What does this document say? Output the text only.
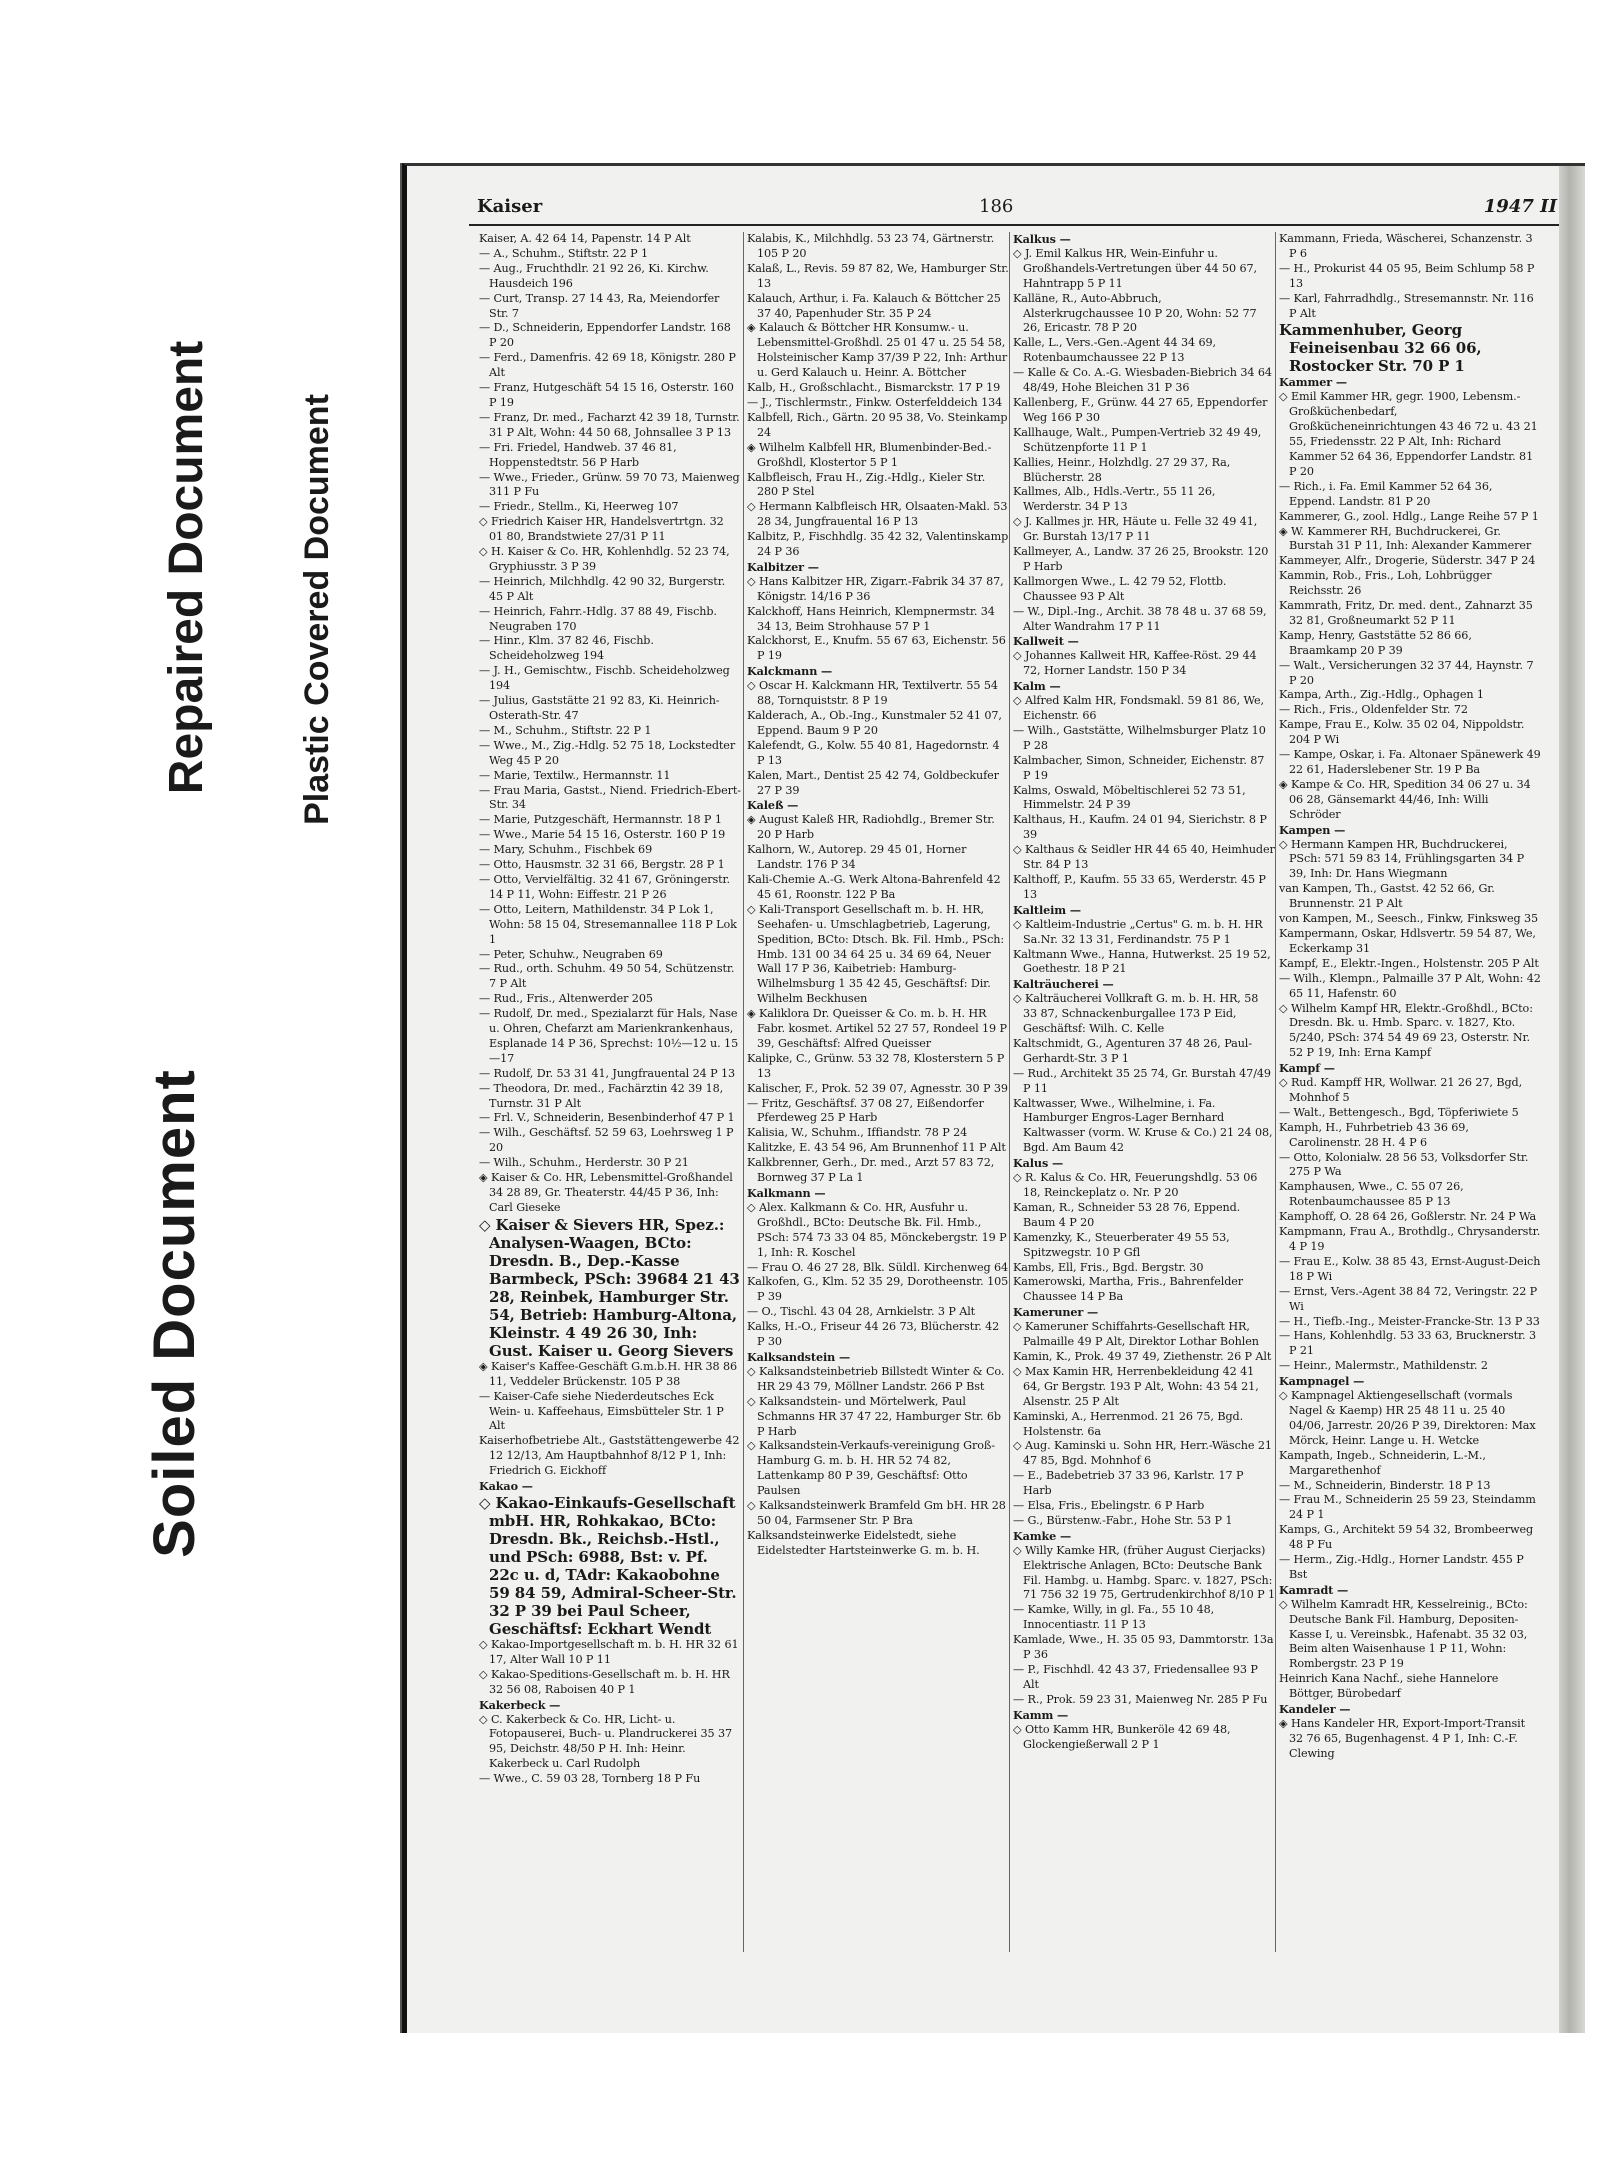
Repaired Document Plastic Covered Document
Soiled Document
Kaiser	186	1947 II

Kaiser, A. 42 64 14, Papenstr. 14 P Alt

— A., Schuhm., Stiftstr. 22 P 1

— Aug., Fruchthdlr. 21 92 26, Ki. Kirchw. Hausdeich 196

— Curt, Transp. 27 14 43, Ra, Meiendorfer Str. 7

— D., Schneiderin, Eppendorfer Landstr. 168 P 20

— Ferd., Damenfris. 42 69 18, Königstr. 280 P Alt

— Franz, Hutgeschäft 54 15 16, Osterstr. 160 P 19

— Franz, Dr. med., Facharzt 42 39 18, Turnstr. 31 P Alt, Wohn: 44 50 68, Johnsallee 3 P 13

— Fri. Friedel, Handweb. 37 46 81, Hoppenstedtstr. 56 P Harb

— Wwe., Frieder., Grünw. 59 70 73, Maienweg 311 P Fu

— Friedr., Stellm., Ki, Heerweg 107

◇ Friedrich Kaiser HR, Handelsvertrtgn. 32 01 80, Brandstwiete 27/31 P 11

◇ H. Kaiser & Co. HR, Kohlenhdlg. 52 23 74, Gryphiusstr. 3 P 39

— Heinrich, Milchhdlg. 42 90 32, Burgerstr. 45 P Alt

— Heinrich, Fahrr.-Hdlg. 37 88 49, Fischb. Neugraben 170

— Hinr., Klm. 37 82 46, Fischb. Scheideholzweg 194

— J. H., Gemischtw., Fischb. Scheideholzweg 194

— Julius, Gaststätte 21 92 83, Ki. Heinrich-Osterath-Str. 47

— M., Schuhm., Stiftstr. 22 P 1

— Wwe., M., Zig.-Hdlg. 52 75 18, Lockstedter Weg 45 P 20

— Marie, Textilw., Hermannstr. 11

— Frau Maria, Gastst., Niend. Friedrich-Ebert-Str. 34

— Marie, Putzgeschäft, Hermannstr. 18 P 1

— Wwe., Marie 54 15 16, Osterstr. 160 P 19

— Mary, Schuhm., Fischbek 69

— Otto, Hausmstr. 32 31 66, Bergstr. 28 P 1

— Otto, Vervielfältig. 32 41 67, Gröningerstr. 14 P 11, Wohn: Eiffestr. 21 P 26

— Otto, Leitern, Mathildenstr. 34 P Lok 1, Wohn: 58 15 04, Stresemannallee 118 P Lok 1

— Peter, Schuhw., Neugraben 69

— Rud., orth. Schuhm. 49 50 54, Schützenstr. 7 P Alt

— Rud., Fris., Altenwerder 205

— Rudolf, Dr. med., Spezialarzt für Hals, Nase u. Ohren, Chefarzt am Marienkrankenhaus, Esplanade 14 P 36, Sprechst: 10½—12 u. 15—17

— Rudolf, Dr. 53 31 41, Jungfrauental 24 P 13

— Theodora, Dr. med., Fachärztin 42 39 18, Turnstr. 31 P Alt

— Frl. V., Schneiderin, Besenbinderhof 47 P 1

— Wilh., Geschäftsf. 52 59 63, Loehrsweg 1 P 20

— Wilh., Schuhm., Herderstr. 30 P 21

◈ Kaiser & Co. HR, Lebensmittel-Großhandel 34 28 89, Gr. Theaterstr. 44/45 P 36, Inh: Carl Gieseke

◇ Kaiser & Sievers HR, Spez.: Analysen-Waagen, BCto: Dresdn. B., Dep.-Kasse Barmbeck, PSch: 39684 21 43 28, Reinbek, Hamburger Str. 54, Betrieb: Hamburg-Altona, Kleinstr. 4 49 26 30, Inh: Gust. Kaiser u. Georg Sievers

◈ Kaiser's Kaffee-Geschäft G.m.b.H. HR 38 86 11, Veddeler Brückenstr. 105 P 38

— Kaiser-Cafe siehe Niederdeutsches Eck Wein- u. Kaffeehaus, Eimsbütteler Str. 1 P Alt

Kaiserhofbetriebe Alt., Gaststättengewerbe 42 12 12/13, Am Hauptbahnhof 8/12 P 1, Inh: Friedrich G. Eickhoff

Kakao —

◇ Kakao-Einkaufs-Gesellschaft mbH. HR, Rohkakao, BCto: Dresdn. Bk., Reichsb.-Hstl., und PSch: 6988, Bst: v. Pf. 22c u. d, TAdr: Kakaobohne 59 84 59, Admiral-Scheer-Str. 32 P 39 bei Paul Scheer, Geschäftsf: Eckhart Wendt

◇ Kakao-Importgesellschaft m. b. H. HR 32 61 17, Alter Wall 10 P 11

◇ Kakao-Speditions-Gesellschaft m. b. H. HR 32 56 08, Raboisen 40 P 1

Kakerbeck —

◇ C. Kakerbeck & Co. HR, Licht- u. Fotopauserei, Buch- u. Plandruckerei 35 37 95, Deichstr. 48/50 P H. Inh: Heinr. Kakerbeck u. Carl Rudolph

— Wwe., C. 59 03 28, Tornberg 18 P Fu

Kalabis, K., Milchhdlg. 53 23 74, Gärtnerstr. 105 P 20

Kalaß, L., Revis. 59 87 82, We, Hamburger Str. 13

Kalauch, Arthur, i. Fa. Kalauch & Böttcher 25 37 40, Papenhuder Str. 35 P 24

◈ Kalauch & Böttcher HR Konsumw.- u. Lebensmittel-Großhdl. 25 01 47 u. 25 54 58, Holsteinischer Kamp 37/39 P 22, Inh: Arthur u. Gerd Kalauch u. Heinr. A. Böttcher

Kalb, H., Großschlacht., Bismarckstr. 17 P 19

— J., Tischlermstr., Finkw. Osterfelddeich 134

Kalbfell, Rich., Gärtn. 20 95 38, Vo. Steinkamp 24

◈ Wilhelm Kalbfell HR, Blumenbinder-Bed.-Großhdl, Klostertor 5 P 1

Kalbfleisch, Frau H., Zig.-Hdlg., Kieler Str. 280 P Stel

◇ Hermann Kalbfleisch HR, Olsaaten-Makl. 53 28 34, Jungfrauental 16 P 13

Kalbitz, P., Fischhdlg. 35 42 32, Valentinskamp 24 P 36

Kalbitzer —

◇ Hans Kalbitzer HR, Zigarr.-Fabrik 34 37 87, Königstr. 14/16 P 36

Kalckhoff, Hans Heinrich, Klempnermstr. 34 34 13, Beim Strohhause 57 P 1

Kalckhorst, E., Knufm. 55 67 63, Eichenstr. 56 P 19

Kalckmann —

◇ Oscar H. Kalckmann HR, Textilvertr. 55 54 88, Tornquiststr. 8 P 19

Kalderach, A., Ob.-Ing., Kunstmaler 52 41 07, Eppend. Baum 9 P 20

Kalefendt, G., Kolw. 55 40 81, Hagedornstr. 4 P 13

Kalen, Mart., Dentist 25 42 74, Goldbeckufer 27 P 39

Kaleß —

◈ August Kaleß HR, Radiohdlg., Bremer Str. 20 P Harb

Kalhorn, W., Autorep. 29 45 01, Horner Landstr. 176 P 34

Kali-Chemie A.-G. Werk Altona-Bahrenfeld 42 45 61, Roonstr. 122 P Ba

◇ Kali-Transport Gesellschaft m. b. H. HR, Seehafen- u. Umschlagbetrieb, Lagerung, Spedition, BCto: Dtsch. Bk. Fil. Hmb., PSch: Hmb. 131 00 34 64 25 u. 34 69 64, Neuer Wall 17 P 36, Kaibetrieb: Hamburg-Wilhelmsburg 1 35 42 45, Geschäftsf: Dir. Wilhelm Beckhusen

◈ Kaliklora Dr. Queisser & Co. m. b. H. HR Fabr. kosmet. Artikel 52 27 57, Rondeel 19 P 39, Geschäftsf: Alfred Queisser

Kalipke, C., Grünw. 53 32 78, Klosterstern 5 P 13

Kalischer, F., Prok. 52 39 07, Agnesstr. 30 P 39

— Fritz, Geschäftsf. 37 08 27, Eißendorfer Pferdeweg 25 P Harb

Kalisia, W., Schuhm., Iffiandstr. 78 P 24

Kalitzke, E. 43 54 96, Am Brunnenhof 11 P Alt

Kalkbrenner, Gerh., Dr. med., Arzt 57 83 72, Bornweg 37 P La 1

Kalkmann —

◇ Alex. Kalkmann & Co. HR, Ausfuhr u. Großhdl., BCto: Deutsche Bk. Fil. Hmb., PSch: 574 73 33 04 85, Mönckebergstr. 19 P 1, Inh: R. Koschel

— Frau O. 46 27 28, Blk. Süldl. Kirchenweg 64

Kalkofen, G., Klm. 52 35 29, Dorotheenstr. 105 P 39

— O., Tischl. 43 04 28, Arnkielstr. 3 P Alt

Kalks, H.-O., Friseur 44 26 73, Blücherstr. 42 P 30

Kalksandstein —

◇ Kalksandsteinbetrieb Billstedt Winter & Co. HR 29 43 79, Möllner Landstr. 266 P Bst

◇ Kalksandstein- und Mörtelwerk, Paul Schmanns HR 37 47 22, Hamburger Str. 6b P Harb

◇ Kalksandstein-Verkaufs-vereinigung Groß-Hamburg G. m. b. H. HR 52 74 82, Lattenkamp 80 P 39, Geschäftsf: Otto Paulsen

◇ Kalksandsteinwerk Bramfeld Gm bH. HR 28 50 04, Farmsener Str. P Bra

Kalksandsteinwerke Eidelstedt, siehe Eidelstedter Hartsteinwerke G. m. b. H.

Kalkus —

◇ J. Emil Kalkus HR, Wein-Einfuhr u. Großhandels-Vertretungen über 44 50 67, Hahntrapp 5 P 11

Kalläne, R., Auto-Abbruch, Alsterkrugchaussee 10 P 20, Wohn: 52 77 26, Ericastr. 78 P 20

Kalle, L., Vers.-Gen.-Agent 44 34 69, Rotenbaumchaussee 22 P 13

— Kalle & Co. A.-G. Wiesbaden-Biebrich 34 64 48/49, Hohe Bleichen 31 P 36

Kallenberg, F., Grünw. 44 27 65, Eppendorfer Weg 166 P 30

Kallhauge, Walt., Pumpen-Vertrieb 32 49 49, Schützenpforte 11 P 1

Kallies, Heinr., Holzhdlg. 27 29 37, Ra, Blücherstr. 28

Kallmes, Alb., Hdls.-Vertr., 55 11 26, Werderstr. 34 P 13

◇ J. Kallmes jr. HR, Häute u. Felle 32 49 41, Gr. Burstah 13/17 P 11

Kallmeyer, A., Landw. 37 26 25, Brookstr. 120 P Harb

Kallmorgen Wwe., L. 42 79 52, Flottb. Chaussee 93 P Alt

— W., Dipl.-Ing., Archit. 38 78 48 u. 37 68 59, Alter Wandrahm 17 P 11

Kallweit —

◇ Johannes Kallweit HR, Kaffee-Röst. 29 44 72, Horner Landstr. 150 P 34

Kalm —

◇ Alfred Kalm HR, Fondsmakl. 59 81 86, We, Eichenstr. 66

— Wilh., Gaststätte, Wilhelmsburger Platz 10 P 28

Kalmbacher, Simon, Schneider, Eichenstr. 87 P 19

Kalms, Oswald, Möbeltischlerei 52 73 51, Himmelstr. 24 P 39

Kalthaus, H., Kaufm. 24 01 94, Sierichstr. 8 P 39

◇ Kalthaus & Seidler HR 44 65 40, Heimhuder Str. 84 P 13

Kalthoff, P., Kaufm. 55 33 65, Werderstr. 45 P 13

Kaltleim —

◇ Kaltleim-Industrie „Certus" G. m. b. H. HR Sa.Nr. 32 13 31, Ferdinandstr. 75 P 1

Kaltmann Wwe., Hanna, Hutwerkst. 25 19 52, Goethestr. 18 P 21

Kalträucherei —

◇ Kalträucherei Vollkraft G. m. b. H. HR, 58 33 87, Schnackenburgallee 173 P Eid, Geschäftsf: Wilh. C. Kelle

Kaltschmidt, G., Agenturen 37 48 26, Paul-Gerhardt-Str. 3 P 1

— Rud., Architekt 35 25 74, Gr. Burstah 47/49 P 11

Kaltwasser, Wwe., Wilhelmine, i. Fa. Hamburger Engros-Lager Bernhard Kaltwasser (vorm. W. Kruse & Co.) 21 24 08, Bgd. Am Baum 42

Kalus —

◇ R. Kalus & Co. HR, Feuerungshdlg. 53 06 18, Reinckeplatz o. Nr. P 20

Kaman, R., Schneider 53 28 76, Eppend. Baum 4 P 20

Kamenzky, K., Steuerberater 49 55 53, Spitzwegstr. 10 P Gfl

Kambs, Ell, Fris., Bgd. Bergstr. 30

Kamerowski, Martha, Fris., Bahrenfelder Chaussee 14 P Ba

Kameruner —

◇ Kameruner Schiffahrts-Gesellschaft HR, Palmaille 49 P Alt, Direktor Lothar Bohlen

Kamin, K., Prok. 49 37 49, Ziethenstr. 26 P Alt

◇ Max Kamin HR, Herrenbekleidung 42 41 64, Gr Bergstr. 193 P Alt, Wohn: 43 54 21, Alsenstr. 25 P Alt

Kaminski, A., Herrenmod. 21 26 75, Bgd. Holstenstr. 6a

◇ Aug. Kaminski u. Sohn HR, Herr.-Wäsche 21 47 85, Bgd. Mohnhof 6

— E., Badebetrieb 37 33 96, Karlstr. 17 P Harb

— Elsa, Fris., Ebelingstr. 6 P Harb

— G., Bürstenw.-Fabr., Hohe Str. 53 P 1

Kamke —

◇ Willy Kamke HR, (früher August Cierjacks) Elektrische Anlagen, BCto: Deutsche Bank Fil. Hambg. u. Hambg. Sparc. v. 1827, PSch: 71 756 32 19 75, Gertrudenkirchhof 8/10 P 1

— Kamke, Willy, in gl. Fa., 55 10 48, Innocentiastr. 11 P 13

Kamlade, Wwe., H. 35 05 93, Dammtorstr. 13a P 36

— P., Fischhdl. 42 43 37, Friedensallee 93 P Alt

— R., Prok. 59 23 31, Maienweg Nr. 285 P Fu

Kamm —

◇ Otto Kamm HR, Bunkeröle 42 69 48, Glockengießerwall 2 P 1

Kammann, Frieda, Wäscherei, Schanzenstr. 3 P 6

— H., Prokurist 44 05 95, Beim Schlump 58 P 13

— Karl, Fahrradhdlg., Stresemannstr. Nr. 116 P Alt

Kammenhuber, Georg Feineisenbau 32 66 06, Rostocker Str. 70 P 1

Kammer —

◇ Emil Kammer HR, gegr. 1900, Lebensm.-Großküchenbedarf, Großkücheneinrichtungen 43 46 72 u. 43 21 55, Friedensstr. 22 P Alt, Inh: Richard Kammer 52 64 36, Eppendorfer Landstr. 81 P 20

— Rich., i. Fa. Emil Kammer 52 64 36, Eppend. Landstr. 81 P 20

Kammerer, G., zool. Hdlg., Lange Reihe 57 P 1

◈ W. Kammerer RH, Buchdruckerei, Gr. Burstah 31 P 11, Inh: Alexander Kammerer

Kammeyer, Alfr., Drogerie, Süderstr. 347 P 24

Kammin, Rob., Fris., Loh, Lohbrügger Reichsstr. 26

Kammrath, Fritz, Dr. med. dent., Zahnarzt 35 32 81, Großneumarkt 52 P 11

Kamp, Henry, Gaststätte 52 86 66, Braamkamp 20 P 39

— Walt., Versicherungen 32 37 44, Haynstr. 7 P 20

Kampa, Arth., Zig.-Hdlg., Ophagen 1

— Rich., Fris., Oldenfelder Str. 72

Kampe, Frau E., Kolw. 35 02 04, Nippoldstr. 204 P Wi

— Kampe, Oskar, i. Fa. Altonaer Spänewerk 49 22 61, Haderslebener Str. 19 P Ba

◈ Kampe & Co. HR, Spedition 34 06 27 u. 34 06 28, Gänsemarkt 44/46, Inh: Willi Schröder

Kampen —

◇ Hermann Kampen HR, Buchdruckerei, PSch: 571 59 83 14, Frühlingsgarten 34 P 39, Inh: Dr. Hans Wiegmann

van Kampen, Th., Gastst. 42 52 66, Gr. Brunnenstr. 21 P Alt

von Kampen, M., Seesch., Finkw, Finksweg 35

Kampermann, Oskar, Hdlsvertr. 59 54 87, We, Eckerkamp 31

Kampf, E., Elektr.-Ingen., Holstenstr. 205 P Alt

— Wilh., Klempn., Palmaille 37 P Alt, Wohn: 42 65 11, Hafenstr. 60

◇ Wilhelm Kampf HR, Elektr.-Großhdl., BCto: Dresdn. Bk. u. Hmb. Sparc. v. 1827, Kto. 5/240, PSch: 374 54 49 69 23, Osterstr. Nr. 52 P 19, Inh: Erna Kampf

Kampf —

◇ Rud. Kampff HR, Wollwar. 21 26 27, Bgd, Mohnhof 5

— Walt., Bettengesch., Bgd, Töpferiwiete 5

Kamph, H., Fuhrbetrieb 43 36 69, Carolinenstr. 28 H. 4 P 6

— Otto, Kolonialw. 28 56 53, Volksdorfer Str. 275 P Wa

Kamphausen, Wwe., C. 55 07 26, Rotenbaumchaussee 85 P 13

Kamphoff, O. 28 64 26, Goßlerstr. Nr. 24 P Wa

Kampmann, Frau A., Brothdlg., Chrysanderstr. 4 P 19

— Frau E., Kolw. 38 85 43, Ernst-August-Deich 18 P Wi

— Ernst, Vers.-Agent 38 84 72, Veringstr. 22 P Wi

— H., Tiefb.-Ing., Meister-Francke-Str. 13 P 33

— Hans, Kohlenhdlg. 53 33 63, Brucknerstr. 3 P 21

— Heinr., Malermstr., Mathildenstr. 2

Kampnagel —

◇ Kampnagel Aktiengesellschaft (vormals Nagel & Kaemp) HR 25 48 11 u. 25 40 04/06, Jarrestr. 20/26 P 39, Direktoren: Max Mörck, Heinr. Lange u. H. Wetcke

Kampath, Ingeb., Schneiderin, L.-M., Margarethenhof

— M., Schneiderin, Binderstr. 18 P 13

— Frau M., Schneiderin 25 59 23, Steindamm 24 P 1

Kamps, G., Architekt 59 54 32, Brombeerweg 48 P Fu

— Herm., Zig.-Hdlg., Horner Landstr. 455 P Bst

Kamradt —

◇ Wilhelm Kamradt HR, Kesselreinig., BCto: Deutsche Bank Fil. Hamburg, Depositen-Kasse I, u. Vereinsbk., Hafenabt. 35 32 03, Beim alten Waisenhause 1 P 11, Wohn: Rombergstr. 23 P 19

Heinrich Kana Nachf., siehe Hannelore Böttger, Bürobedarf

Kandeler —

◈ Hans Kandeler HR, Export-Import-Transit 32 76 65, Bugenhagenst. 4 P 1, Inh: C.-F. Clewing
